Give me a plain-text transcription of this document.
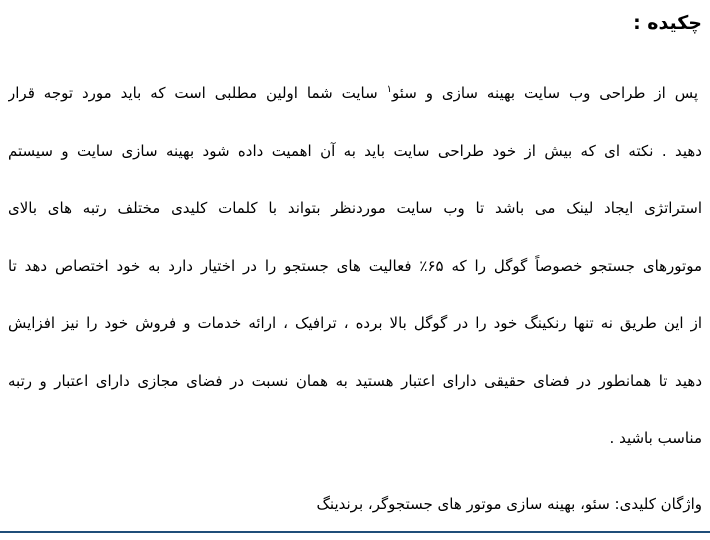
چکیده :
پس از طراحی وب سایت بهینه سازی و سئو$^۱$ سایت شما اولین مطلبی است که باید مورد توجه قرار
دهید . نکته ای که بیش از خود طراحی سایت باید به آن اهمیت داده شود بهینه سازی سایت و سیستم
استراتژی ایجاد لینک می باشد تا وب سایت موردنظر بتواند با کلمات کلیدی مختلف رتبه های بالای
موتورهای جستجو خصوصاً گوگل را که ۶۵٪ فعالیت های جستجو را در اختیار دارد به خود اختصاص دهد تا
از این طریق نه تنها رنکینگ خود را در گوگل بالا برده ، ترافیک ، ارائه خدمات و فروش خود را نیز افزایش
دهید تا همانطور در فضای حقیقی دارای اعتبار هستید به همان نسبت در فضای مجازی دارای اعتبار و رتبه
مناسب باشید .
واژگان کلیدی: سئو، بهینه سازی موتور های جستجوگر، برندینگ
